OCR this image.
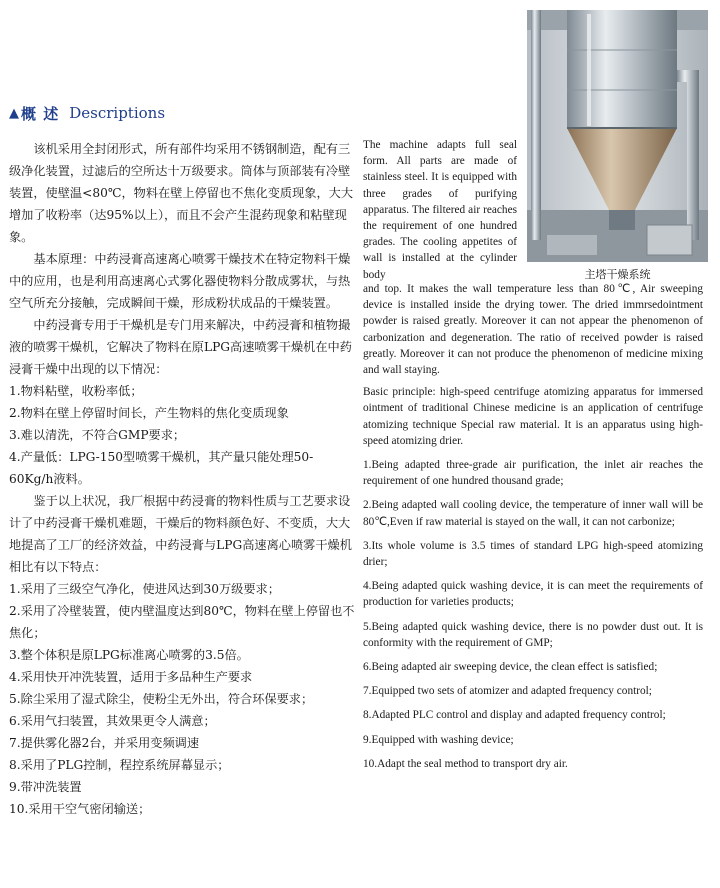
主塔干燥系统
▲ 概 述 Descriptions

该机采用全封闭形式，所有部件均采用不锈钢制造，配有三级净化装置，过滤后的空所达十万级要求。筒体与顶部装有冷壁装置，使壁温<80℃，物料在壁上停留也不焦化变质现象，大大增加了收粉率（达95%以上），而且不会产生混药现象和粘壁现象。

基本原理：中药浸膏高速离心喷雾干燥技术在特定物料干燥中的应用，也是利用高速离心式雾化器使物料分散成雾状，与热空气所充分接触，完成瞬间干燥，形成粉状成品的干燥装置。

中药浸膏专用于干燥机是专门用来解决，中药浸膏和植物撮液的喷雾干燥机，它解决了物料在原LPG高速喷雾干燥机在中药浸膏干燥中出现的以下情况：

1.物料粘壁，收粉率低；

2.物料在壁上停留时间长，产生物料的焦化变质现象

3.难以清洗，不符合GMP要求；

4.产量低：LPG-150型喷雾干燥机，其产量只能处理50-60Kg/h液料。

鉴于以上状况，我厂根据中药浸膏的物料性质与工艺要求设计了中药浸膏干燥机难题，干燥后的物料颜色好、不变质，大大地提高了工厂的经济效益，中药浸膏与LPG高速离心喷雾干燥机相比有以下特点：

1.采用了三级空气净化，使进风达到30万级要求；

2.采用了冷壁装置，使内壁温度达到80℃，物料在壁上停留也不焦化；

3.整个体积是原LPG标准离心喷雾的3.5倍。

4.采用快开冲洗装置，适用于多品种生产要求

5.除尘采用了湿式除尘，使粉尘无外出，符合环保要求；

6.采用气扫装置，其效果更令人满意；

7.提供雾化器2台，并采用变频调速

8.采用了PLG控制，程控系统屏幕显示；

9.带冲洗装置

10.采用干空气密闭输送；

The machine adapts full seal form. All parts are made of stainless steel. It is equipped with three grades of purifying apparatus. The filtered air reaches the requirement of one hundred grades. The cooling appetites of wall is installed at the cylinder body

and top. It makes the wall temperature less than 80℃, Air sweeping device is installed inside the drying tower. The dried immrsedointment powder is raised greatly. Moreover it can not appear the phenomenon of carbonization and degeneration. The ratio of received powder is raised greatly. Moreover it can not produce the phenomenon of medicine mixing and wall staying.

Basic principle: high-speed centrifuge atomizing apparatus for immersed ointment of traditional Chinese medicine is an application of centrifuge atomizing technique Special raw material. It is an apparatus using high-speed atomizing drier.

1.Being adapted three-grade air purification, the inlet air reaches the requirement of one hundred thousand grade;

2.Being adapted wall cooling device, the temperature of inner wall will be 80℃,Even if raw material is stayed on the wall, it can not carbonize;

3.Its whole volume is 3.5 times of standard LPG high-speed atomizing drier;

4.Being adapted quick washing device, it is can meet the requirements of production for varieties products;

5.Being adapted quick washing device, there is no powder dust out. It is conformity with the requirement of GMP;

6.Being adapted air sweeping device, the clean effect is satisfied;

7.Equipped two sets of atomizer and adapted frequency control;

8.Adapted PLC control and display and adapted frequency control;

9.Equipped with washing device;

10.Adapt the seal method to transport dry air.
